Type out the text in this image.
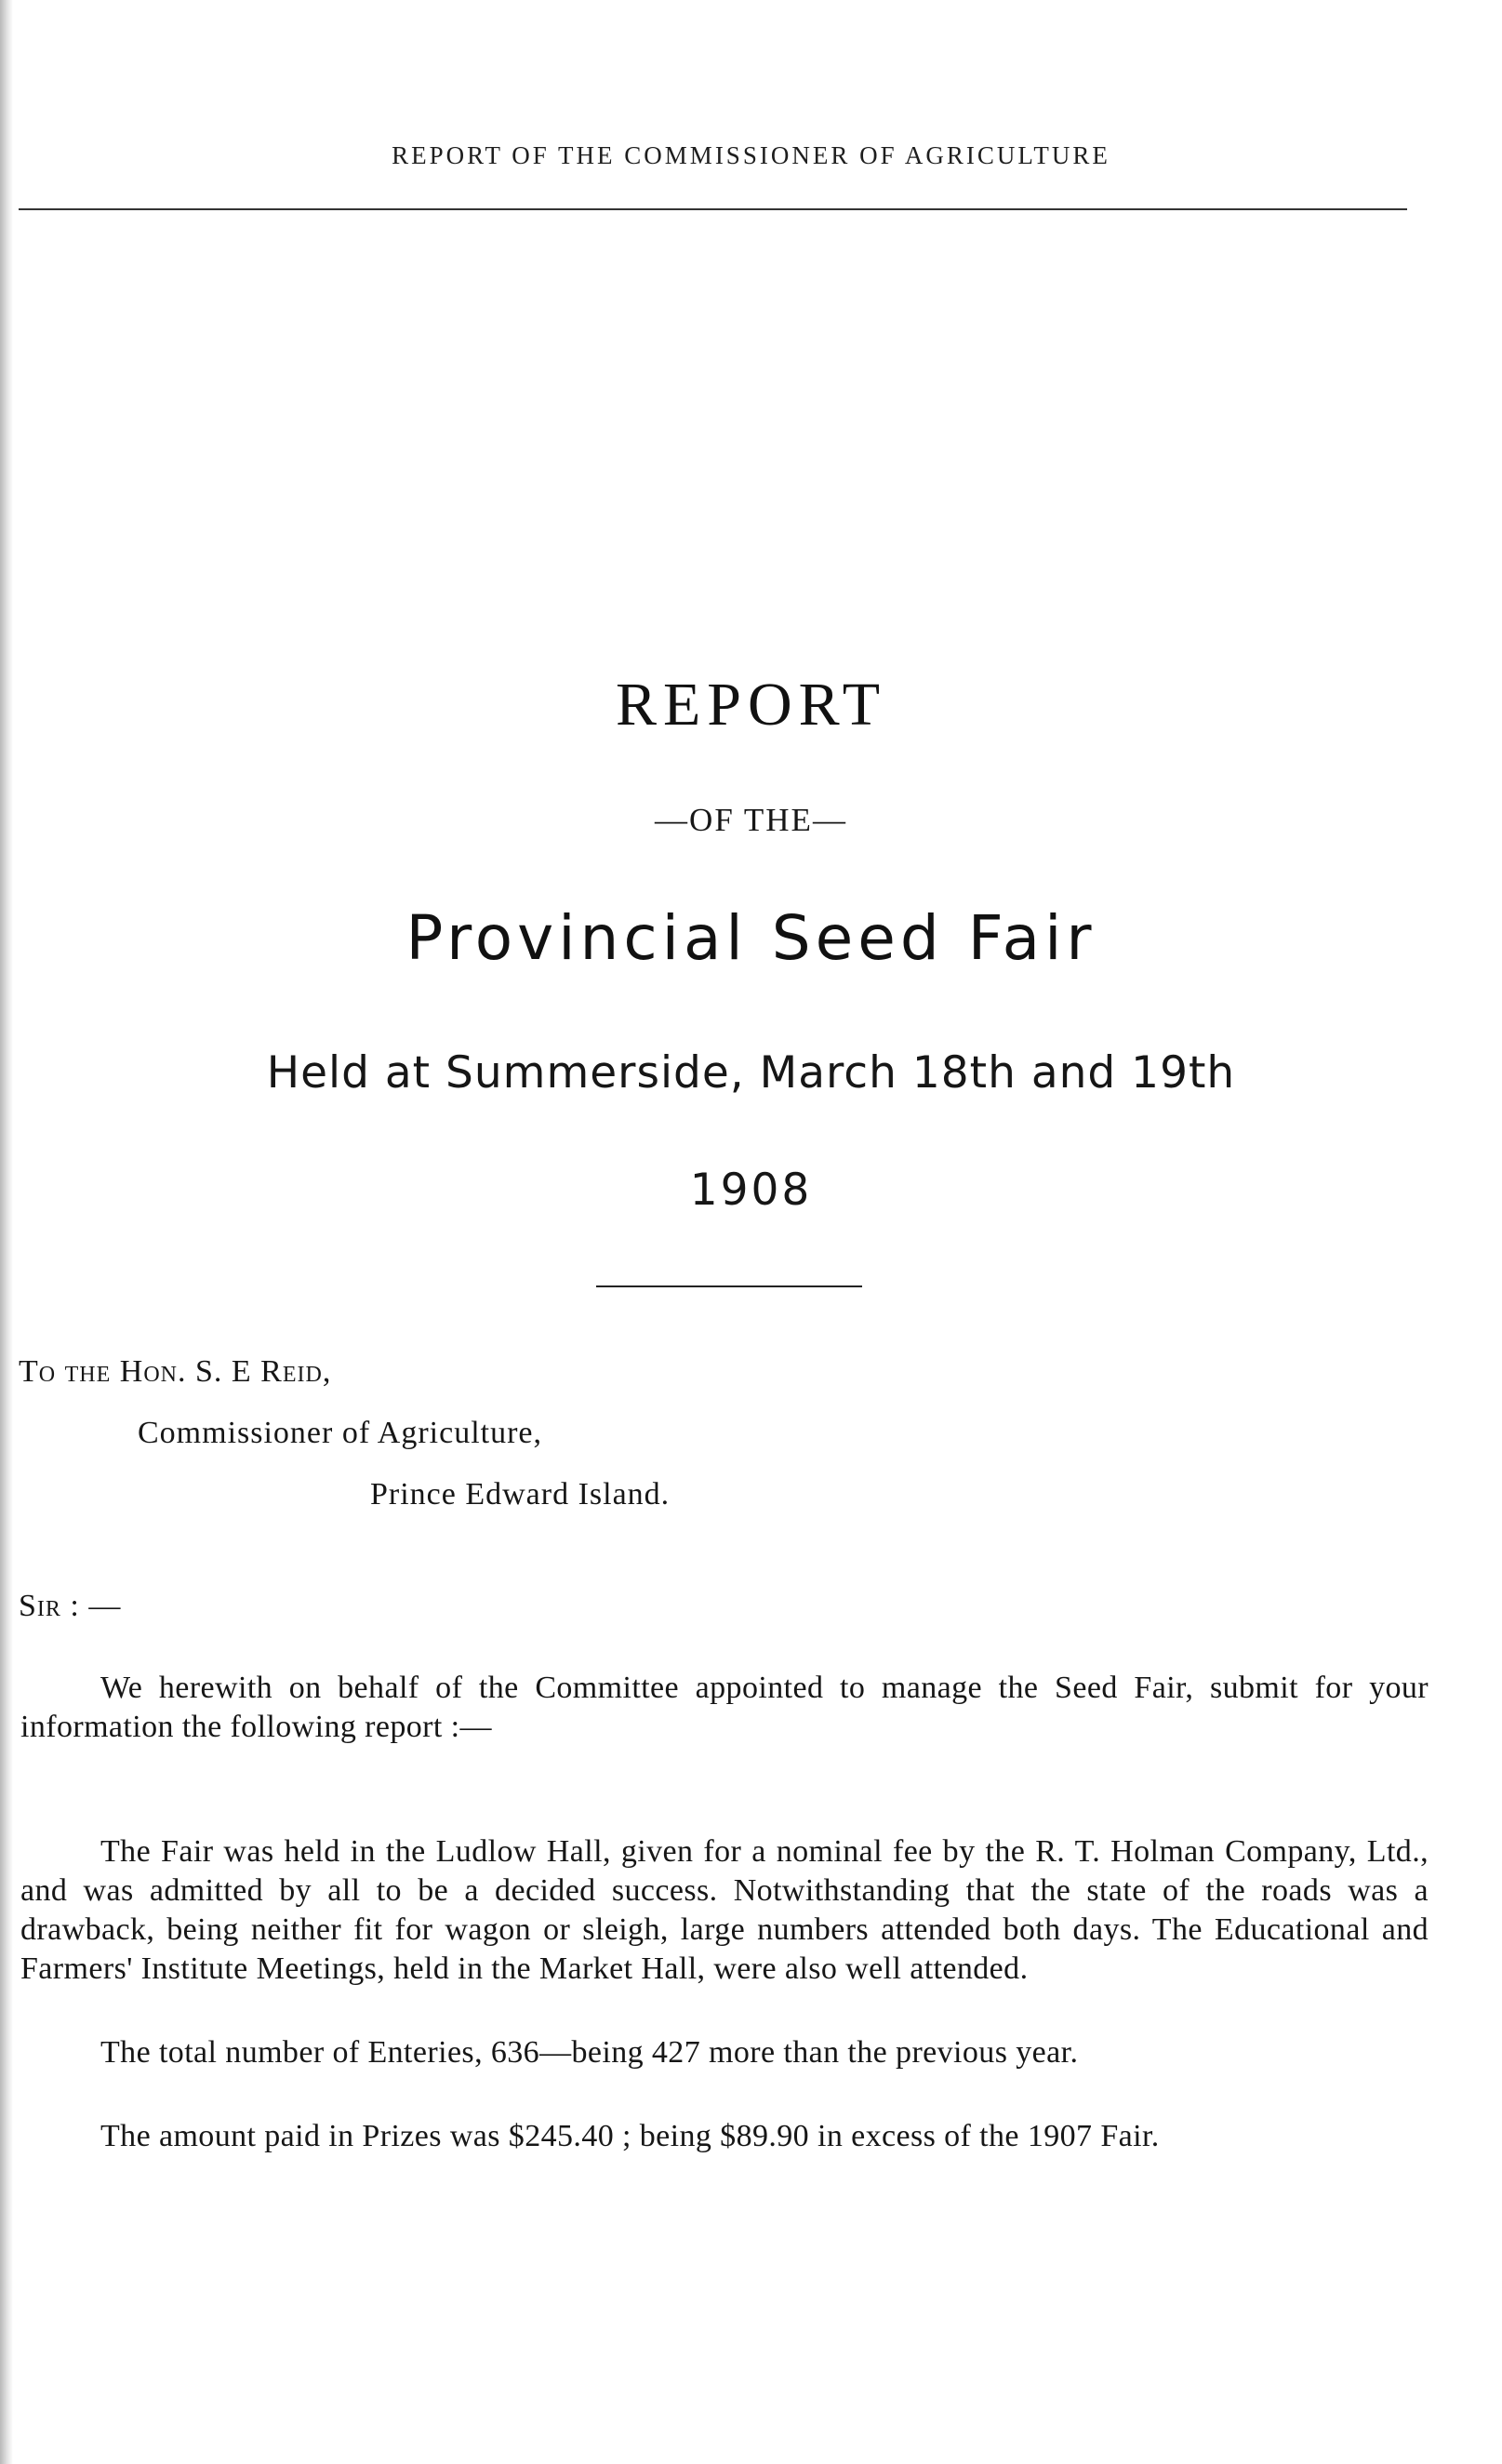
REPORT OF THE COMMISSIONER OF AGRICULTURE
REPORT
—OF THE—
Provincial Seed Fair
Held at Summerside, March 18th and 19th
1908
To the Hon. S. E Reid,
Commissioner of Agriculture,
Prince Edward Island.
Sir : —

We herewith on behalf of the Committee appointed to manage the Seed Fair, submit for your information the following report :—

The Fair was held in the Ludlow Hall, given for a nominal fee by the R. T. Holman Company, Ltd., and was admitted by all to be a decided success. Notwithstanding that the state of the roads was a drawback, being neither fit for wagon or sleigh, large numbers attended both days. The Educational and Farmers' Institute Meetings, held in the Market Hall, were also well attended.

The total number of Enteries, 636—being 427 more than the previous year.

The amount paid in Prizes was $245.40 ; being $89.90 in excess of the 1907 Fair.
